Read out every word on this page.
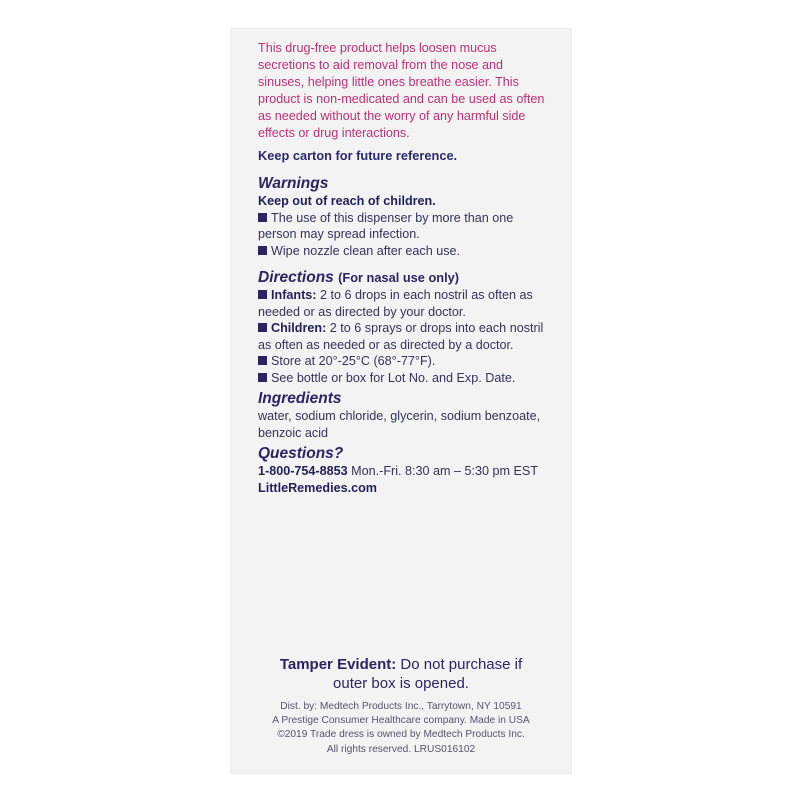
This drug-free product helps loosen mucus
secretions to aid removal from the nose and
sinuses, helping little ones breathe easier. This
product is non-medicated and can be used as often
as needed without the worry of any harmful side
effects or drug interactions.

Keep carton for future reference.

Warnings

Keep out of reach of children.

The use of this dispenser by more than one

person may spread infection.

Wipe nozzle clean after each use.

Directions (For nasal use only)

Infants: 2 to 6 drops in each nostril as often as

needed or as directed by your doctor.

Children: 2 to 6 sprays or drops into each nostril

as often as needed or as directed by a doctor.

Store at 20°-25°C (68°-77°F).

See bottle or box for Lot No. and Exp. Date.

Ingredients

water, sodium chloride, glycerin, sodium benzoate,

benzoic acid

Questions?

1-800-754-8853 Mon.-Fri. 8:30 am – 5:30 pm EST

LittleRemedies.com

Tamper Evident: Do not purchase if
outer box is opened.
Dist. by: Medtech Products Inc., Tarrytown, NY 10591
A Prestige Consumer Healthcare company. Made in USA
©2019 Trade dress is owned by Medtech Products Inc.
All rights reserved. LRUS016102
